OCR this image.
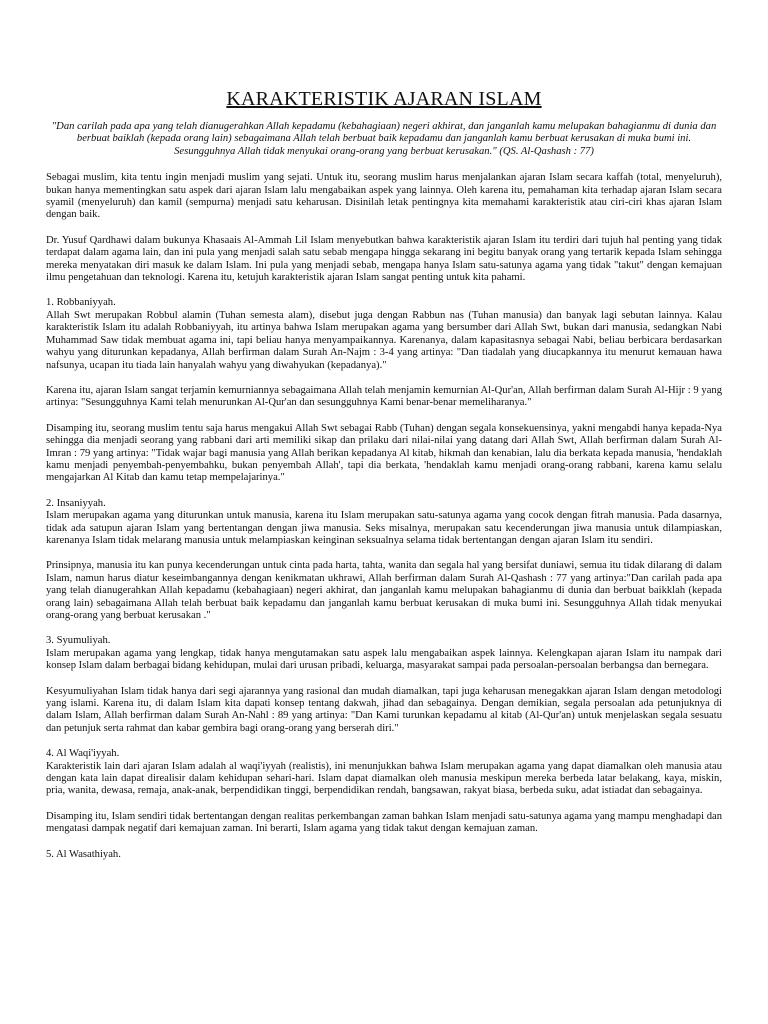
KARAKTERISTIK AJARAN ISLAM

"Dan carilah pada apa yang telah dianugerahkan Allah kepadamu (kebahagiaan) negeri akhirat, dan janganlah kamu melupakan bahagianmu di dunia dan berbuat baiklah (kepada orang lain) sebagaimana Allah telah berbuat baik kepadamu dan janganlah kamu berbuat kerusakan di muka bumi ini. Sesungguhnya Allah tidak menyukai orang-orang yang berbuat kerusakan." (QS. Al-Qashash : 77)

Sebagai muslim, kita tentu ingin menjadi muslim yang sejati. Untuk itu, seorang muslim harus menjalankan ajaran Islam secara kaffah (total, menyeluruh), bukan hanya mementingkan satu aspek dari ajaran Islam lalu mengabaikan aspek yang lainnya. Oleh karena itu, pemahaman kita terhadap ajaran Islam secara syamil (menyeluruh) dan kamil (sempurna) menjadi satu keharusan. Disinilah letak pentingnya kita memahami karakteristik atau ciri-ciri khas ajaran Islam dengan baik.

Dr. Yusuf Qardhawi dalam bukunya Khasaais Al-Ammah Lil Islam menyebutkan bahwa karakteristik ajaran Islam itu terdiri dari tujuh hal penting yang tidak terdapat dalam agama lain, dan ini pula yang menjadi salah satu sebab mengapa hingga sekarang ini begitu banyak orang yang tertarik kepada Islam sehingga mereka menyatakan diri masuk ke dalam Islam. Ini pula yang menjadi sebab, mengapa hanya Islam satu-satunya agama yang tidak "takut" dengan kemajuan ilmu pengetahuan dan teknologi. Karena itu, ketujuh karakteristik ajaran Islam sangat penting untuk kita pahami.

1. Robbaniyyah.

Allah Swt merupakan Robbul alamin (Tuhan semesta alam), disebut juga dengan Rabbun nas (Tuhan manusia) dan banyak lagi sebutan lainnya. Kalau karakteristik Islam itu adalah Robbaniyyah, itu artinya bahwa Islam merupakan agama yang bersumber dari Allah Swt, bukan dari manusia, sedangkan Nabi Muhammad Saw tidak membuat agama ini, tapi beliau hanya menyampaikannya. Karenanya, dalam kapasitasnya sebagai Nabi, beliau berbicara berdasarkan wahyu yang diturunkan kepadanya, Allah berfirman dalam Surah An-Najm : 3-4 yang artinya: "Dan tiadalah yang diucapkannya itu menurut kemauan hawa nafsunya, ucapan itu tiada lain hanyalah wahyu yang diwahyukan (kepadanya)."

Karena itu, ajaran Islam sangat terjamin kemurniannya sebagaimana Allah telah menjamin kemurnian Al-Qur'an, Allah berfirman dalam Surah Al-Hijr : 9 yang artinya: "Sesungguhnya Kami telah menurunkan Al-Qur'an dan sesungguhnya Kami benar-benar memeliharanya."

Disamping itu, seorang muslim tentu saja harus mengakui Allah Swt sebagai Rabb (Tuhan) dengan segala konsekuensinya, yakni mengabdi hanya kepada-Nya sehingga dia menjadi seorang yang rabbani dari arti memiliki sikap dan prilaku dari nilai-nilai yang datang dari Allah Swt, Allah berfirman dalam Surah Al-Imran : 79 yang artinya: "Tidak wajar bagi manusia yang Allah berikan kepadanya Al kitab, hikmah dan kenabian, lalu dia berkata kepada manusia, 'hendaklah kamu menjadi penyembah-penyembahku, bukan penyembah Allah', tapi dia berkata, 'hendaklah kamu menjadi orang-orang rabbani, karena kamu selalu mengajarkan Al Kitab dan kamu tetap mempelajarinya."

2. Insaniyyah.

Islam merupakan agama yang diturunkan untuk manusia, karena itu Islam merupakan satu-satunya agama yang cocok dengan fitrah manusia. Pada dasarnya, tidak ada satupun ajaran Islam yang bertentangan dengan jiwa manusia. Seks misalnya, merupakan satu kecenderungan jiwa manusia untuk dilampiaskan, karenanya Islam tidak melarang manusia untuk melampiaskan keinginan seksualnya selama tidak bertentangan dengan ajaran Islam itu sendiri.

Prinsipnya, manusia itu kan punya kecenderungan untuk cinta pada harta, tahta, wanita dan segala hal yang bersifat duniawi, semua itu tidak dilarang di dalam Islam, namun harus diatur keseimbangannya dengan kenikmatan ukhrawi, Allah berfirman dalam Surah Al-Qashash : 77 yang artinya:"Dan carilah pada apa yang telah dianugerahkan Allah kepadamu (kebahagiaan) negeri akhirat, dan janganlah kamu melupakan bahagianmu di dunia dan berbuat baikklah (kepada orang lain) sebagaimana Allah telah berbuat baik kepadamu dan janganlah kamu berbuat kerusakan di muka bumi ini. Sesungguhnya Allah tidak menyukai orang-orang yang berbuat kerusakan ."

3. Syumuliyah.

Islam merupakan agama yang lengkap, tidak hanya mengutamakan satu aspek lalu mengabaikan aspek lainnya. Kelengkapan ajaran Islam itu nampak dari konsep Islam dalam berbagai bidang kehidupan, mulai dari urusan pribadi, keluarga, masyarakat sampai pada persoalan-persoalan berbangsa dan bernegara.

Kesyumuliyahan Islam tidak hanya dari segi ajarannya yang rasional dan mudah diamalkan, tapi juga keharusan menegakkan ajaran Islam dengan metodologi yang islami. Karena itu, di dalam Islam kita dapati konsep tentang dakwah, jihad dan sebagainya. Dengan demikian, segala persoalan ada petunjuknya di dalam Islam, Allah berfirman dalam Surah An-Nahl : 89 yang artinya: "Dan Kami turunkan kepadamu al kitab (Al-Qur'an) untuk menjelaskan segala sesuatu dan petunjuk serta rahmat dan kabar gembira bagi orang-orang yang berserah diri."

4. Al Waqi'iyyah.

Karakteristik lain dari ajaran Islam adalah al waqi'iyyah (realistis), ini menunjukkan bahwa Islam merupakan agama yang dapat diamalkan oleh manusia atau dengan kata lain dapat direalisir dalam kehidupan sehari-hari. Islam dapat diamalkan oleh manusia meskipun mereka berbeda latar belakang, kaya, miskin, pria, wanita, dewasa, remaja, anak-anak, berpendidikan tinggi, berpendidikan rendah, bangsawan, rakyat biasa, berbeda suku, adat istiadat dan sebagainya.

Disamping itu, Islam sendiri tidak bertentangan dengan realitas perkembangan zaman bahkan Islam menjadi satu-satunya agama yang mampu menghadapi dan mengatasi dampak negatif dari kemajuan zaman. Ini berarti, Islam agama yang tidak takut dengan kemajuan zaman.

5. Al Wasathiyah.
